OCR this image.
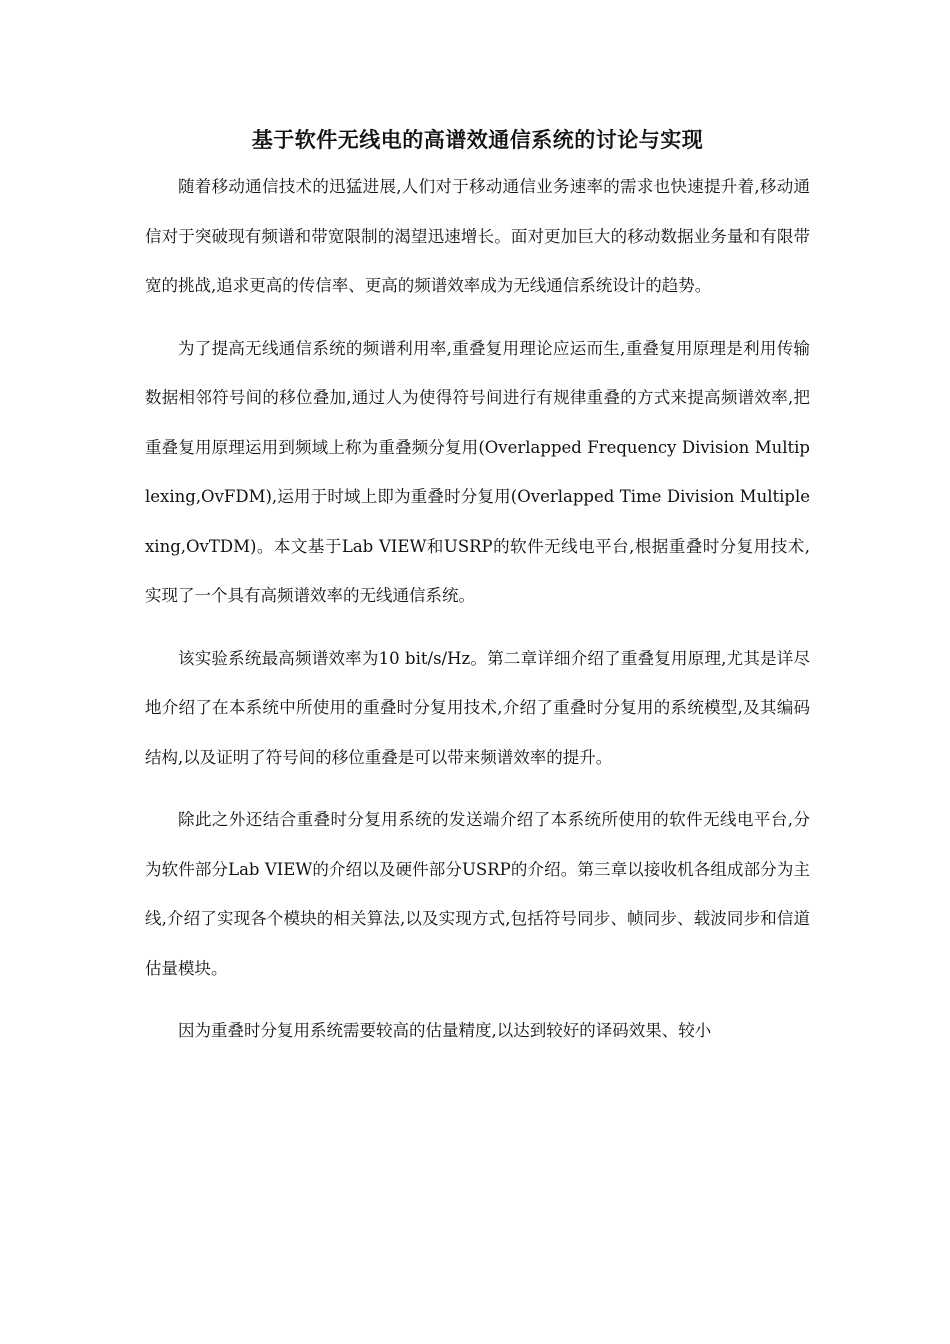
基于软件无线电的高谱效通信系统的讨论与实现

随着移动通信技术的迅猛进展,人们对于移动通信业务速率的需求也快速提升着,移动通信对于突破现有频谱和带宽限制的渴望迅速增长。面对更加巨大的移动数据业务量和有限带宽的挑战,追求更高的传信率、更高的频谱效率成为无线通信系统设计的趋势。

为了提高无线通信系统的频谱利用率,重叠复用理论应运而生,重叠复用原理是利用传输数据相邻符号间的移位叠加,通过人为使得符号间进行有规律重叠的方式来提高频谱效率,把重叠复用原理运用到频域上称为重叠频分复用(Overlapped Frequency Division Multiplexing,OvFDM),运用于时域上即为重叠时分复用(Overlapped Time Division Multiplexing,OvTDM)。本文基于Lab VIEW和USRP的软件无线电平台,根据重叠时分复用技术,实现了一个具有高频谱效率的无线通信系统。

该实验系统最高频谱效率为10 bit/s/Hz。第二章详细介绍了重叠复用原理,尤其是详尽地介绍了在本系统中所使用的重叠时分复用技术,介绍了重叠时分复用的系统模型,及其编码结构,以及证明了符号间的移位重叠是可以带来频谱效率的提升。

除此之外还结合重叠时分复用系统的发送端介绍了本系统所使用的软件无线电平台,分为软件部分Lab VIEW的介绍以及硬件部分USRP的介绍。第三章以接收机各组成部分为主线,介绍了实现各个模块的相关算法,以及实现方式,包括符号同步、帧同步、载波同步和信道估量模块。

因为重叠时分复用系统需要较高的估量精度,以达到较好的译码效果、较小
